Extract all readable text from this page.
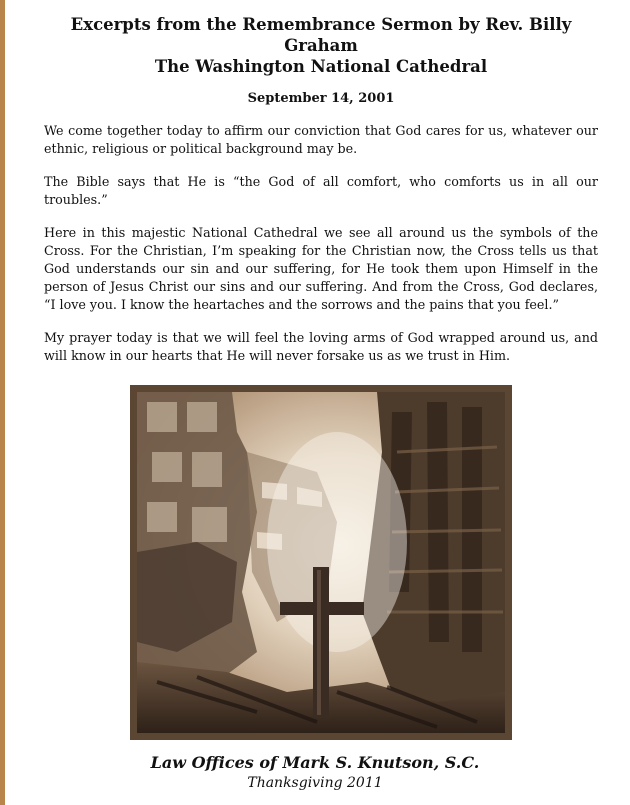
Excerpts from the Remembrance Sermon by Rev. Billy Graham

The Washington National Cathedral

September 14, 2001

We come together today to affirm our conviction that God cares for us, whatever our ethnic, religious or political background may be.

The Bible says that He is “the God of all comfort, who comforts us in all our troubles.”

Here in this majestic National Cathedral we see all around us the symbols of the Cross. For the Christian, I’m speaking for the Christian now, the Cross tells us that God understands our sin and our suffering, for He took them upon Himself in the person of Jesus Christ our sins and our suffering. And from the Cross, God declares, “I love you. I know the heartaches and the sorrows and the pains that you feel.”

My prayer today is that we will feel the loving arms of God wrapped around us, and will know in our hearts that He will never forsake us as we trust in Him.

Law Offices of Mark S. Knutson, S.C.

Thanksgiving 2011
